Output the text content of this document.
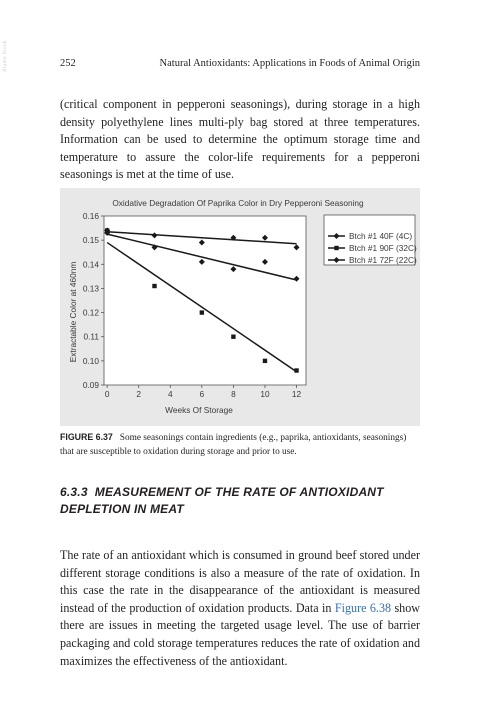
Alamy Stock	252	Natural Antioxidants: Applications in Foods of Animal Origin

(critical component in pepperoni seasonings), during storage in a high density polyethylene lines multi-ply bag stored at three temperatures. Information can be used to determine the optimum storage time and temperature to assure the color-life requirements for a pepperoni seasonings is met at the time of use.

Oxidative Degradation Of Paprika Color in Dry Pepperoni Seasoning
Extractable Color at 460nm
Weeks Of Storage
0	2	4	6	8	10	12
0.09
0.10
0.11
0.12
0.13
0.14
0.15
0.16
Btch #1 40F (4C)
Btch #1 90F (32C)
Btch #1 72F (22C)

FIGURE 6.37 Some seasonings contain ingredients (e.g., paprika, antioxidants, seasonings) that are susceptible to oxidation during storage and prior to use.

6.3.3 MEASUREMENT OF THE RATE OF ANTIOXIDANT DEPLETION IN MEAT

The rate of an antioxidant which is consumed in ground beef stored under different storage conditions is also a measure of the rate of oxidation. In this case the rate in the disappearance of the antioxidant is measured instead of the production of oxidation products. Data in Figure 6.38 show there are issues in meeting the targeted usage level. The use of barrier packaging and cold storage temperatures reduces the rate of oxidation and maximizes the effectiveness of the antioxidant.
